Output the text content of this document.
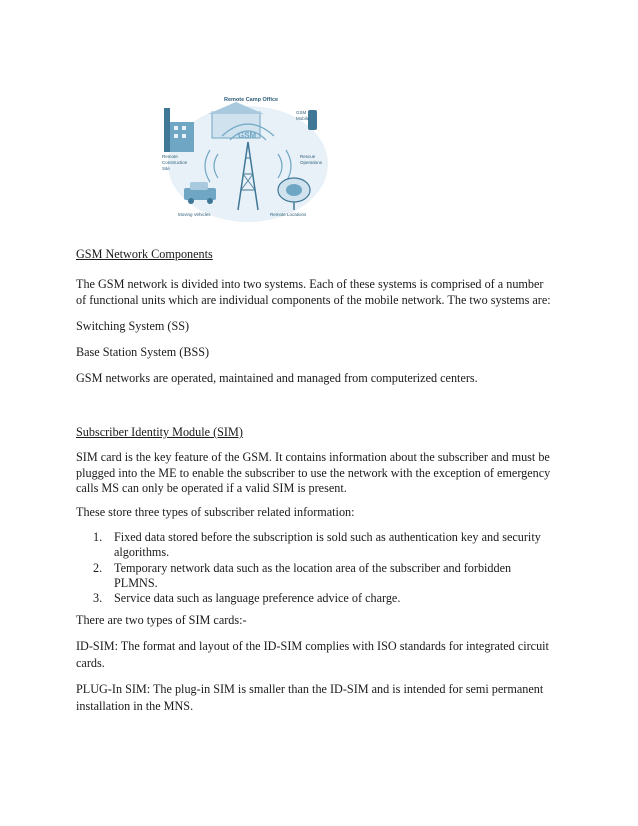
Remote Camp Office
GSM
GSM
Mobile
Remote
Construction
Site
Rescue
Operations
Moving Vehicles	Remote Locations
GSM Network Components
The GSM network is divided into two systems. Each of these systems is comprised of a number
of functional units which are individual components of the mobile network. The two systems are:
Switching System (SS)
Base Station System (BSS)
GSM networks are operated, maintained and managed from computerized centers.
Subscriber Identity Module (SIM)
SIM card is the key feature of the GSM. It contains information about the subscriber and must be
plugged into the ME to enable the subscriber to use the network with the exception of emergency
calls MS can only be operated if a valid SIM is present.
These store three types of subscriber related information:
1. Fixed data stored before the subscription is sold such as authentication key and security
algorithms.
2. Temporary network data such as the location area of the subscriber and forbidden
PLMNS.
3. Service data such as language preference advice of charge.
There are two types of SIM cards:-
ID-SIM: The format and layout of the ID-SIM complies with ISO standards for integrated circuit
cards.
PLUG-In SIM: The plug-in SIM is smaller than the ID-SIM and is intended for semi permanent
installation in the MNS.
